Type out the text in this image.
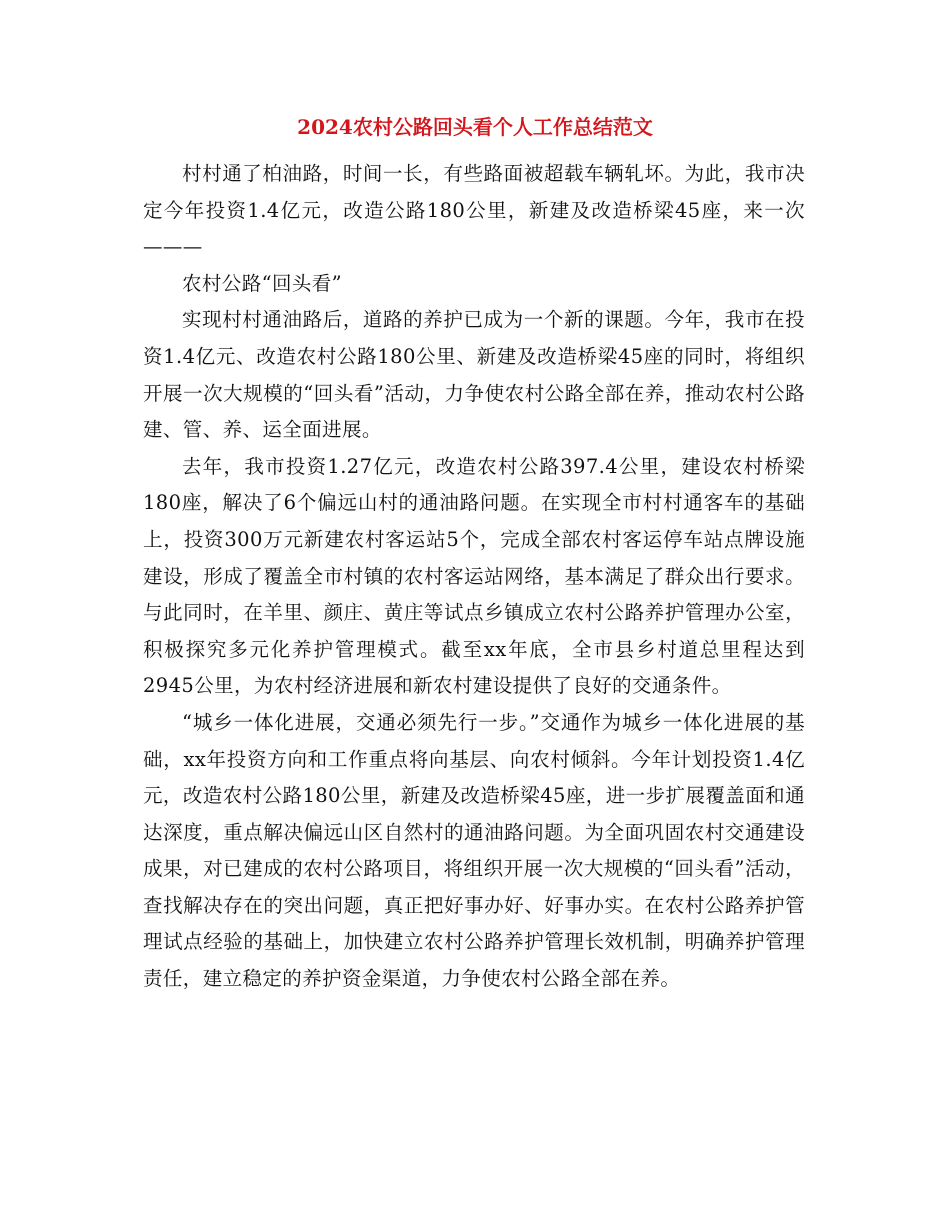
2024农村公路回头看个人工作总结范文

村村通了柏油路，时间一长，有些路面被超载车辆轧坏。为此，我市决定今年投资1.4亿元，改造公路180公里，新建及改造桥梁45座，来一次———

农村公路“回头看”

实现村村通油路后，道路的养护已成为一个新的课题。今年，我市在投资1.4亿元、改造农村公路180公里、新建及改造桥梁45座的同时，将组织开展一次大规模的“回头看”活动，力争使农村公路全部在养，推动农村公路建、管、养、运全面进展。

去年，我市投资1.27亿元，改造农村公路397.4公里，建设农村桥梁180座，解决了6个偏远山村的通油路问题。在实现全市村村通客车的基础上，投资300万元新建农村客运站5个，完成全部农村客运停车站点牌设施建设，形成了覆盖全市村镇的农村客运站网络，基本满足了群众出行要求。与此同时，在羊里、颜庄、黄庄等试点乡镇成立农村公路养护管理办公室，积极探究多元化养护管理模式。截至xx年底，全市县乡村道总里程达到2945公里，为农村经济进展和新农村建设提供了良好的交通条件。

“城乡一体化进展，交通必须先行一步。”交通作为城乡一体化进展的基础，xx年投资方向和工作重点将向基层、向农村倾斜。今年计划投资1.4亿元，改造农村公路180公里，新建及改造桥梁45座，进一步扩展覆盖面和通达深度，重点解决偏远山区自然村的通油路问题。为全面巩固农村交通建设成果，对已建成的农村公路项目，将组织开展一次大规模的“回头看”活动，查找解决存在的突出问题，真正把好事办好、好事办实。在农村公路养护管理试点经验的基础上，加快建立农村公路养护管理长效机制，明确养护管理责任，建立稳定的养护资金渠道，力争使农村公路全部在养。
